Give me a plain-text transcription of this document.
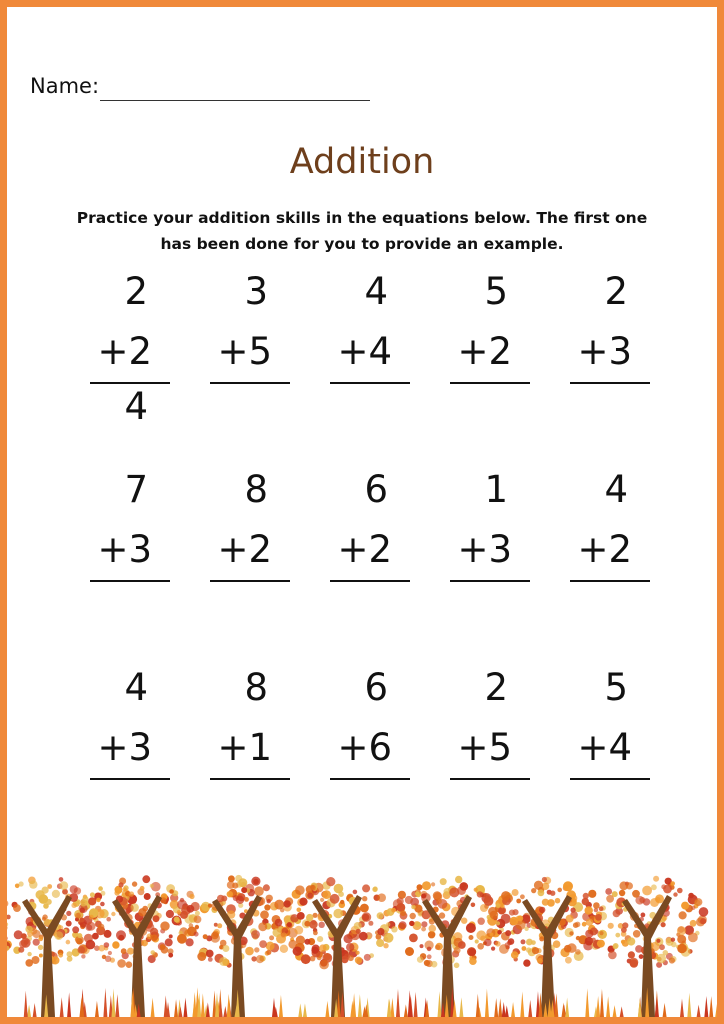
Name:
Addition
Practice your addition skills in the equations below. The first one has been done for you to provide an example.
2
+2
4
3
+5
4
+4
5
+2
2
+3
7
+3
8
+2
6
+2
1
+3
4
+2
4
+3
8
+1
6
+6
2
+5
5
+4
